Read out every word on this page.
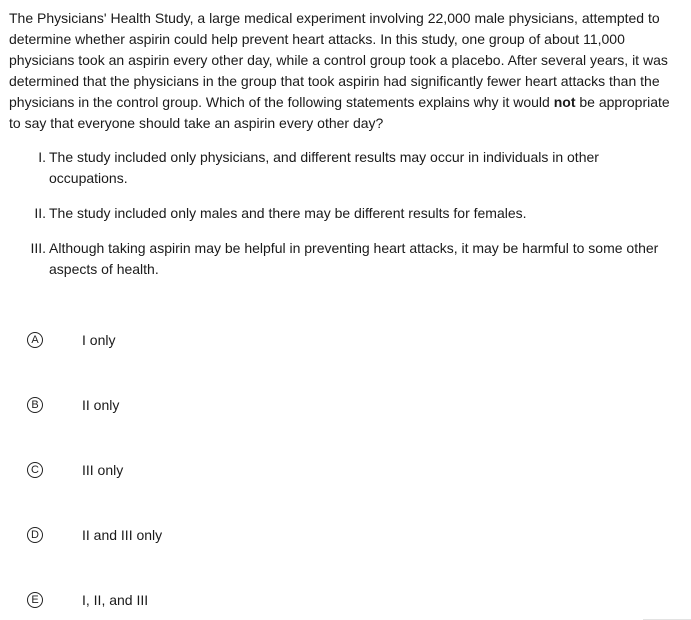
The Physicians' Health Study, a large medical experiment involving 22,000 male physicians, attempted to determine whether aspirin could help prevent heart attacks. In this study, one group of about 11,000 physicians took an aspirin every other day, while a control group took a placebo. After several years, it was determined that the physicians in the group that took aspirin had significantly fewer heart attacks than the physicians in the control group. Which of the following statements explains why it would not be appropriate to say that everyone should take an aspirin every other day?
I. The study included only physicians, and different results may occur in individuals in other occupations.
II. The study included only males and there may be different results for females.
III. Although taking aspirin may be helpful in preventing heart attacks, it may be harmful to some other aspects of health.
A	I only
B	II only
C	III only
D	II and III only
E	I, II, and III
